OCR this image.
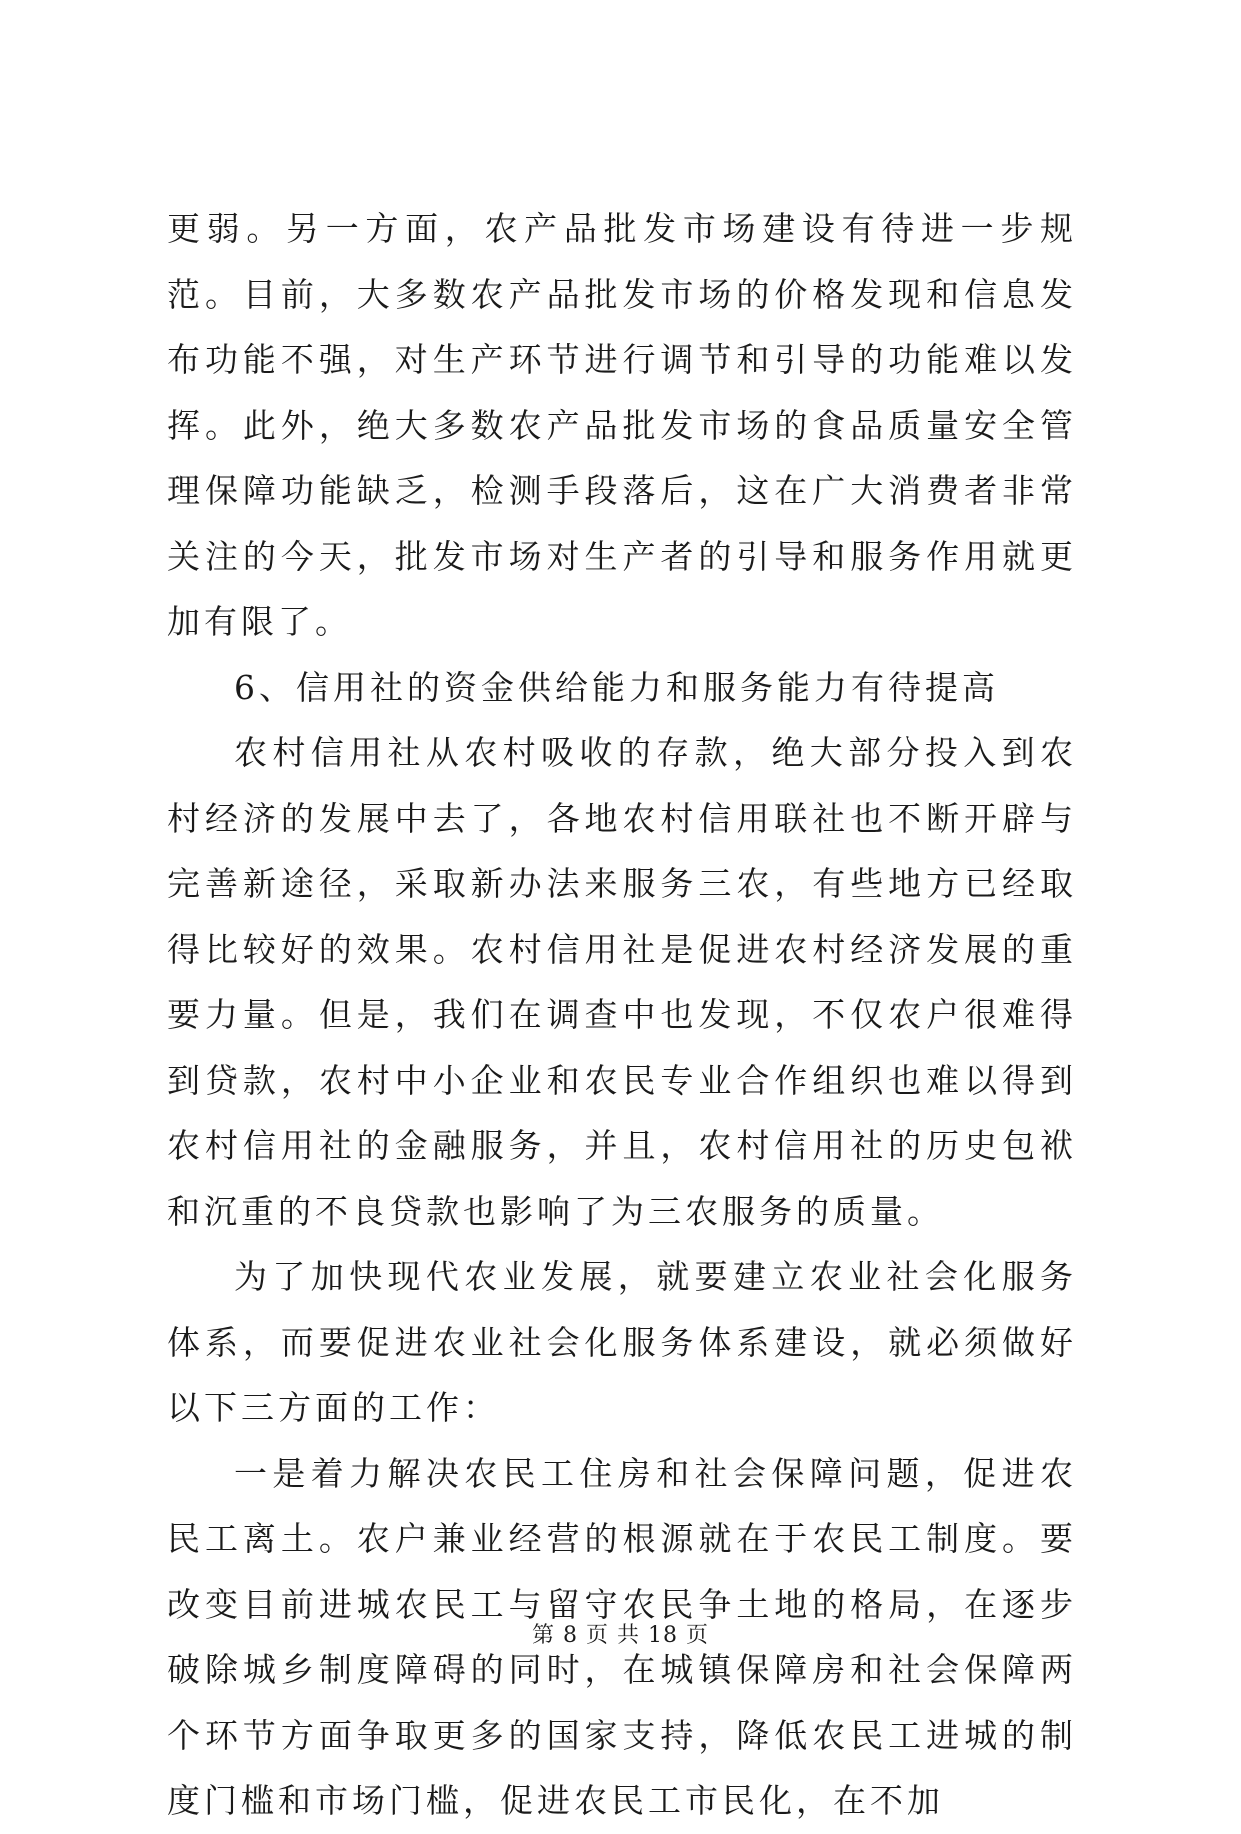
更弱。另一方面，农产品批发市场建设有待进一步规范。目前，大多数农产品批发市场的价格发现和信息发布功能不强，对生产环节进行调节和引导的功能难以发挥。此外，绝大多数农产品批发市场的食品质量安全管理保障功能缺乏，检测手段落后，这在广大消费者非常关注的今天，批发市场对生产者的引导和服务作用就更加有限了。

6、信用社的资金供给能力和服务能力有待提高

农村信用社从农村吸收的存款，绝大部分投入到农村经济的发展中去了，各地农村信用联社也不断开辟与完善新途径，采取新办法来服务三农，有些地方已经取得比较好的效果。农村信用社是促进农村经济发展的重要力量。但是，我们在调查中也发现，不仅农户很难得到贷款，农村中小企业和农民专业合作组织也难以得到农村信用社的金融服务，并且，农村信用社的历史包袱和沉重的不良贷款也影响了为三农服务的质量。

为了加快现代农业发展，就要建立农业社会化服务体系，而要促进农业社会化服务体系建设，就必须做好以下三方面的工作：

一是着力解决农民工住房和社会保障问题，促进农民工离土。农户兼业经营的根源就在于农民工制度。要改变目前进城农民工与留守农民争土地的格局，在逐步破除城乡制度障碍的同时，在城镇保障房和社会保障两个环节方面争取更多的国家支持，降低农民工进城的制度门槛和市场门槛，促进农民工市民化，在不加

第 8 页 共 18 页
